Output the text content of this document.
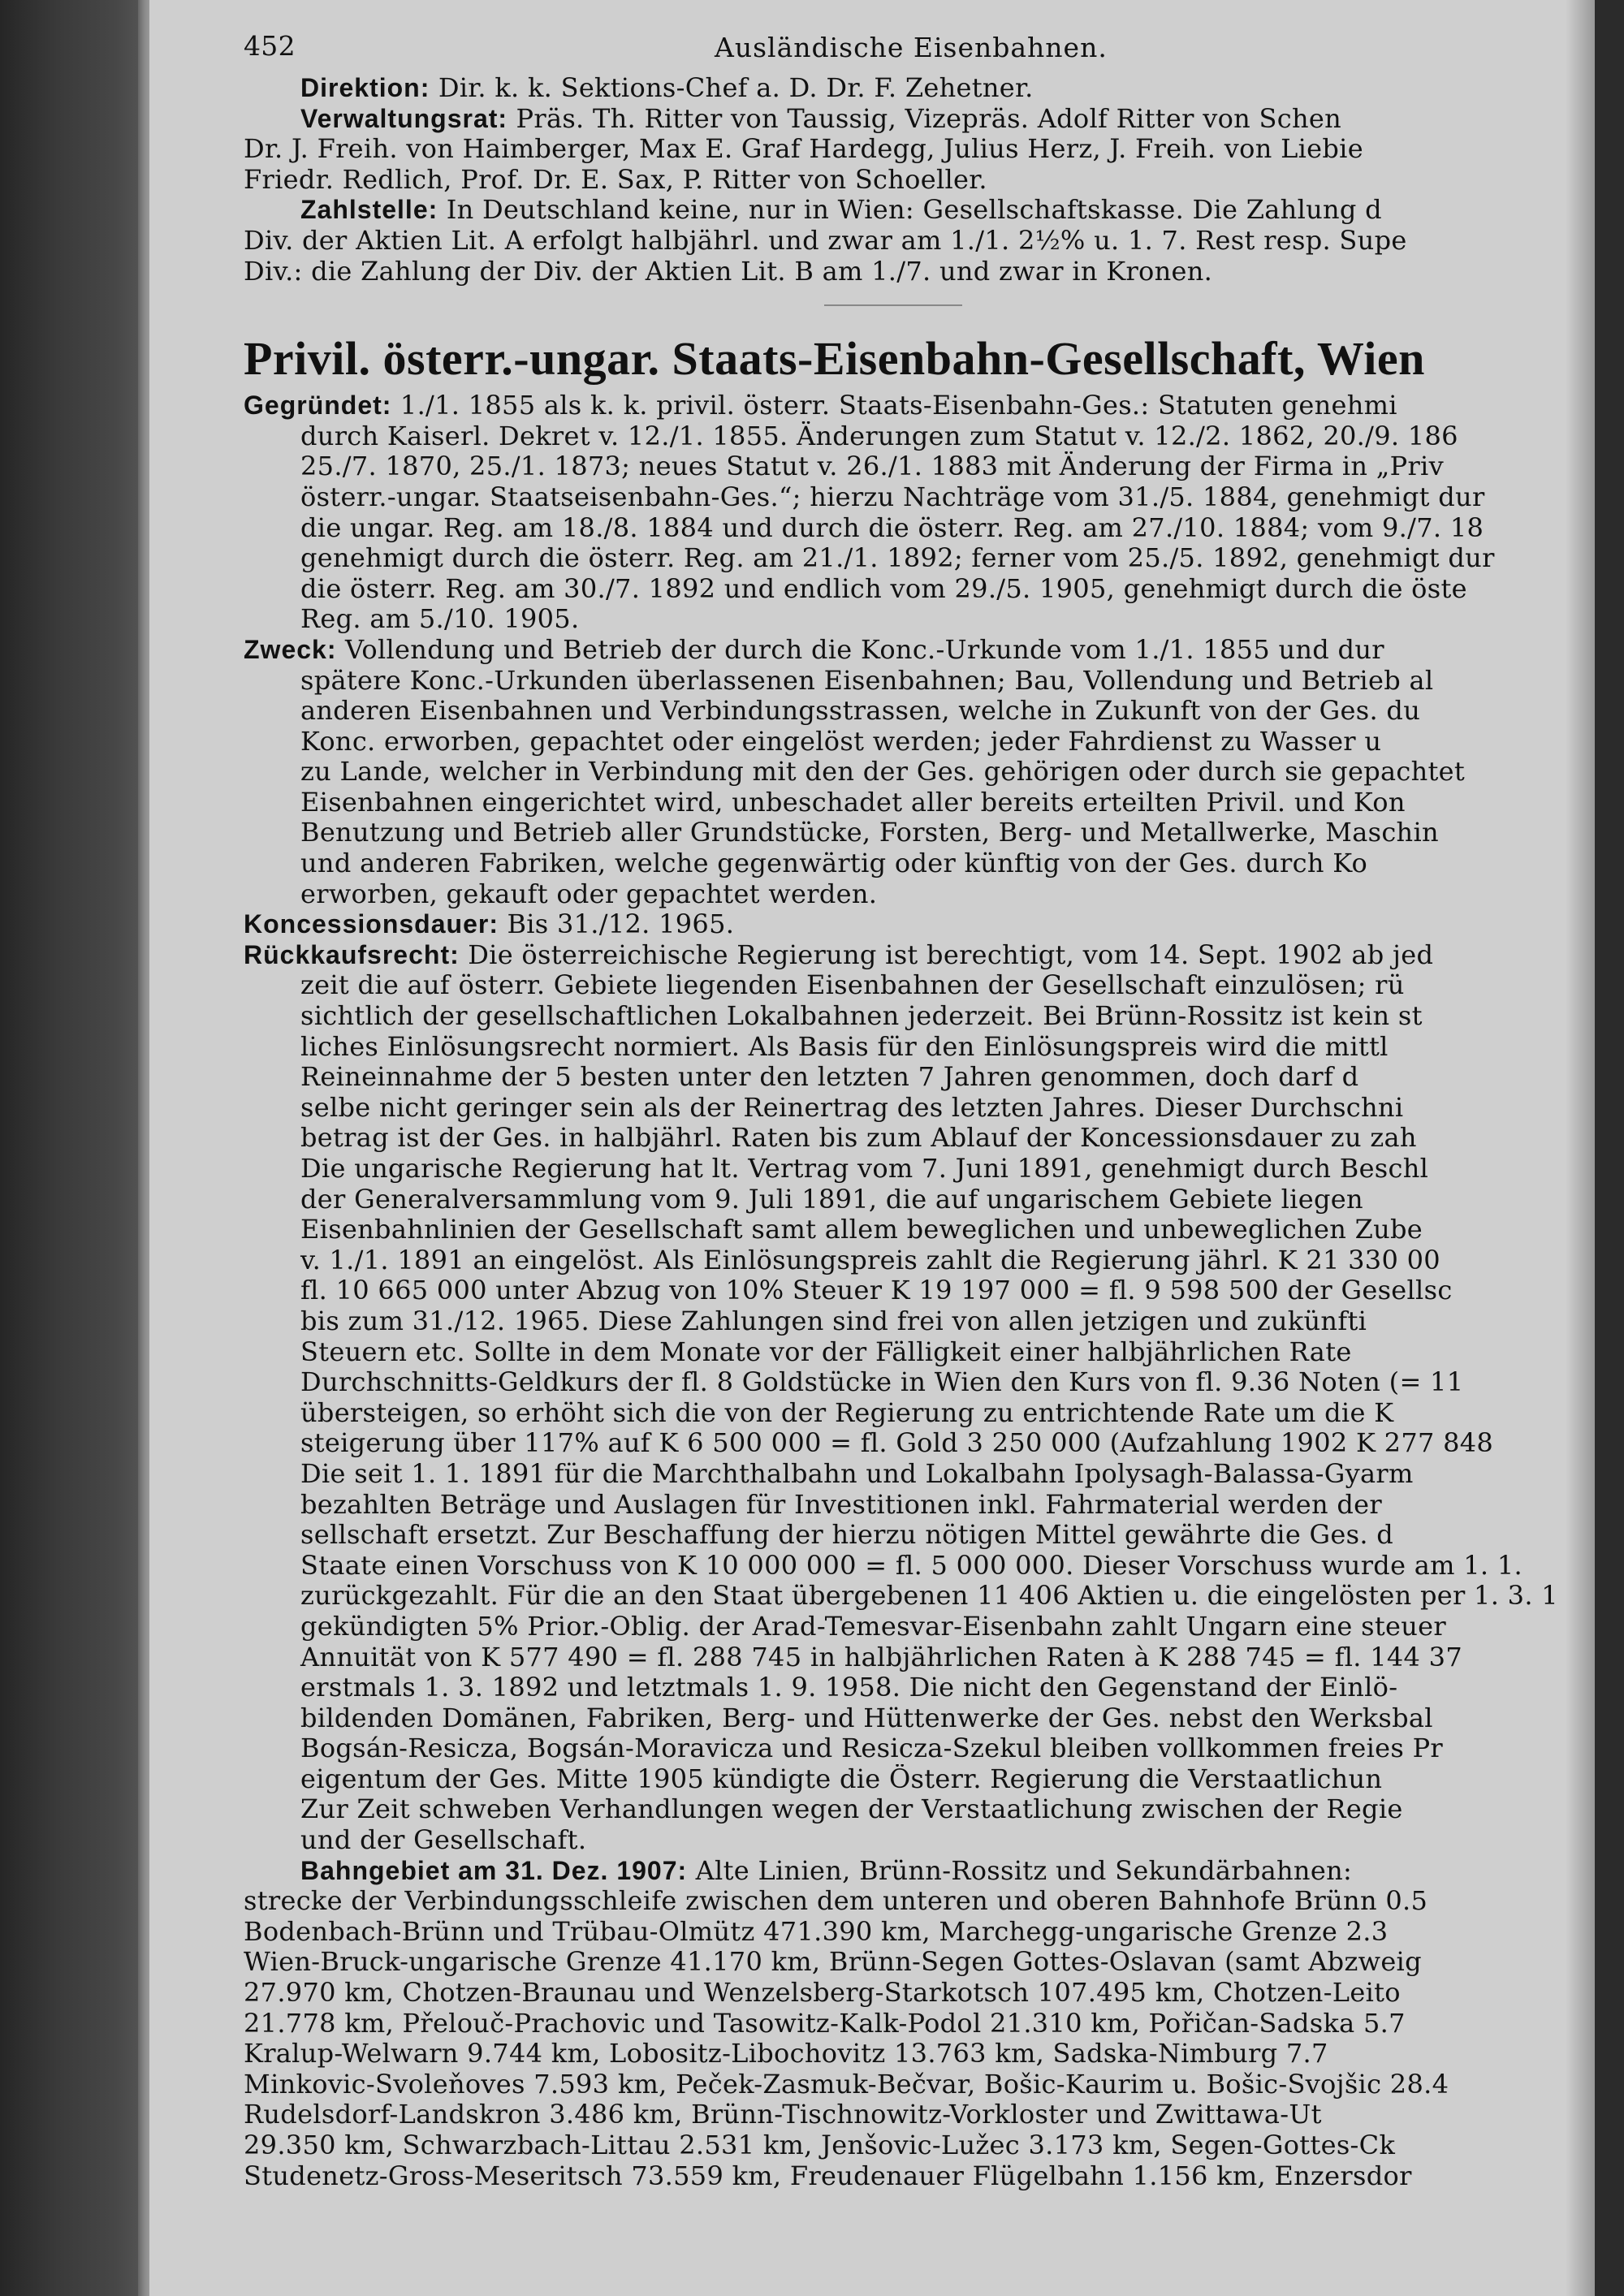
452	Ausländische Eisenbahnen.
Direktion: Dir. k. k. Sektions-Chef a. D. Dr. F. Zehetner.
Verwaltungsrat: Präs. Th. Ritter von Taussig, Vizepräs. Adolf Ritter von Schen
Dr. J. Freih. von Haimberger, Max E. Graf Hardegg, Julius Herz, J. Freih. von Liebie
Friedr. Redlich, Prof. Dr. E. Sax, P. Ritter von Schoeller.
Zahlstelle: In Deutschland keine, nur in Wien: Gesellschaftskasse. Die Zahlung d
Div. der Aktien Lit. A erfolgt halbjährl. und zwar am 1./1. 2½% u. 1. 7. Rest resp. Supe
Div.: die Zahlung der Div. der Aktien Lit. B am 1./7. und zwar in Kronen.
Privil. österr.-ungar. Staats-Eisenbahn-Gesellschaft, Wien
Gegründet: 1./1. 1855 als k. k. privil. österr. Staats-Eisenbahn-Ges.: Statuten genehmi
durch Kaiserl. Dekret v. 12./1. 1855. Änderungen zum Statut v. 12./2. 1862, 20./9. 186
25./7. 1870, 25./1. 1873; neues Statut v. 26./1. 1883 mit Änderung der Firma in „Priv
österr.-ungar. Staatseisenbahn-Ges.“; hierzu Nachträge vom 31./5. 1884, genehmigt dur
die ungar. Reg. am 18./8. 1884 und durch die österr. Reg. am 27./10. 1884; vom 9./7. 18
genehmigt durch die österr. Reg. am 21./1. 1892; ferner vom 25./5. 1892, genehmigt dur
die österr. Reg. am 30./7. 1892 und endlich vom 29./5. 1905, genehmigt durch die öste
Reg. am 5./10. 1905.
Zweck: Vollendung und Betrieb der durch die Konc.-Urkunde vom 1./1. 1855 und dur
spätere Konc.-Urkunden überlassenen Eisenbahnen; Bau, Vollendung und Betrieb al
anderen Eisenbahnen und Verbindungsstrassen, welche in Zukunft von der Ges. du
Konc. erworben, gepachtet oder eingelöst werden; jeder Fahrdienst zu Wasser u
zu Lande, welcher in Verbindung mit den der Ges. gehörigen oder durch sie gepachtet
Eisenbahnen eingerichtet wird, unbeschadet aller bereits erteilten Privil. und Kon
Benutzung und Betrieb aller Grundstücke, Forsten, Berg- und Metallwerke, Maschin
und anderen Fabriken, welche gegenwärtig oder künftig von der Ges. durch Ko
erworben, gekauft oder gepachtet werden.
Koncessionsdauer: Bis 31./12. 1965.
Rückkaufsrecht: Die österreichische Regierung ist berechtigt, vom 14. Sept. 1902 ab jed
zeit die auf österr. Gebiete liegenden Eisenbahnen der Gesellschaft einzulösen; rü
sichtlich der gesellschaftlichen Lokalbahnen jederzeit. Bei Brünn-Rossitz ist kein st
liches Einlösungsrecht normiert. Als Basis für den Einlösungspreis wird die mittl
Reineinnahme der 5 besten unter den letzten 7 Jahren genommen, doch darf d
selbe nicht geringer sein als der Reinertrag des letzten Jahres. Dieser Durchschni
betrag ist der Ges. in halbjährl. Raten bis zum Ablauf der Koncessionsdauer zu zah
Die ungarische Regierung hat lt. Vertrag vom 7. Juni 1891, genehmigt durch Beschl
der Generalversammlung vom 9. Juli 1891, die auf ungarischem Gebiete liegen
Eisenbahnlinien der Gesellschaft samt allem beweglichen und unbeweglichen Zube
v. 1./1. 1891 an eingelöst. Als Einlösungspreis zahlt die Regierung jährl. K 21 330 00
fl. 10 665 000 unter Abzug von 10% Steuer K 19 197 000 = fl. 9 598 500 der Gesellsc
bis zum 31./12. 1965. Diese Zahlungen sind frei von allen jetzigen und zukünfti
Steuern etc. Sollte in dem Monate vor der Fälligkeit einer halbjährlichen Rate
Durchschnitts-Geldkurs der fl. 8 Goldstücke in Wien den Kurs von fl. 9.36 Noten (= 11
übersteigen, so erhöht sich die von der Regierung zu entrichtende Rate um die K
steigerung über 117% auf K 6 500 000 = fl. Gold 3 250 000 (Aufzahlung 1902 K 277 848
Die seit 1. 1. 1891 für die Marchthalbahn und Lokalbahn Ipolysagh-Balassa-Gyarm
bezahlten Beträge und Auslagen für Investitionen inkl. Fahrmaterial werden der
sellschaft ersetzt. Zur Beschaffung der hierzu nötigen Mittel gewährte die Ges. d
Staate einen Vorschuss von K 10 000 000 = fl. 5 000 000. Dieser Vorschuss wurde am 1. 1.
zurückgezahlt. Für die an den Staat übergebenen 11 406 Aktien u. die eingelösten per 1. 3. 1
gekündigten 5% Prior.-Oblig. der Arad-Temesvar-Eisenbahn zahlt Ungarn eine steuer
Annuität von K 577 490 = fl. 288 745 in halbjährlichen Raten à K 288 745 = fl. 144 37
erstmals 1. 3. 1892 und letztmals 1. 9. 1958. Die nicht den Gegenstand der Einlö-
bildenden Domänen, Fabriken, Berg- und Hüttenwerke der Ges. nebst den Werksbal
Bogsán-Resicza, Bogsán-Moravicza und Resicza-Szekul bleiben vollkommen freies Pr
eigentum der Ges. Mitte 1905 kündigte die Österr. Regierung die Verstaatlichun
Zur Zeit schweben Verhandlungen wegen der Verstaatlichung zwischen der Regie
und der Gesellschaft.
Bahngebiet am 31. Dez. 1907: Alte Linien, Brünn-Rossitz und Sekundärbahnen:
strecke der Verbindungsschleife zwischen dem unteren und oberen Bahnhofe Brünn 0.5
Bodenbach-Brünn und Trübau-Olmütz 471.390 km, Marchegg-ungarische Grenze 2.3
Wien-Bruck-ungarische Grenze 41.170 km, Brünn-Segen Gottes-Oslavan (samt Abzweig
27.970 km, Chotzen-Braunau und Wenzelsberg-Starkotsch 107.495 km, Chotzen-Leito
21.778 km, Přelouč-Prachovic und Tasowitz-Kalk-Podol 21.310 km, Pořičan-Sadska 5.7
Kralup-Welwarn 9.744 km, Lobositz-Libochovitz 13.763 km, Sadska-Nimburg 7.7
Minkovic-Svoleňoves 7.593 km, Peček-Zasmuk-Bečvar, Bošic-Kaurim u. Bošic-Svojšic 28.4
Rudelsdorf-Landskron 3.486 km, Brünn-Tischnowitz-Vorkloster und Zwittawa-Ut
29.350 km, Schwarzbach-Littau 2.531 km, Jenšovic-Lužec 3.173 km, Segen-Gottes-Ck
Studenetz-Gross-Meseritsch 73.559 km, Freudenauer Flügelbahn 1.156 km, Enzersdor
